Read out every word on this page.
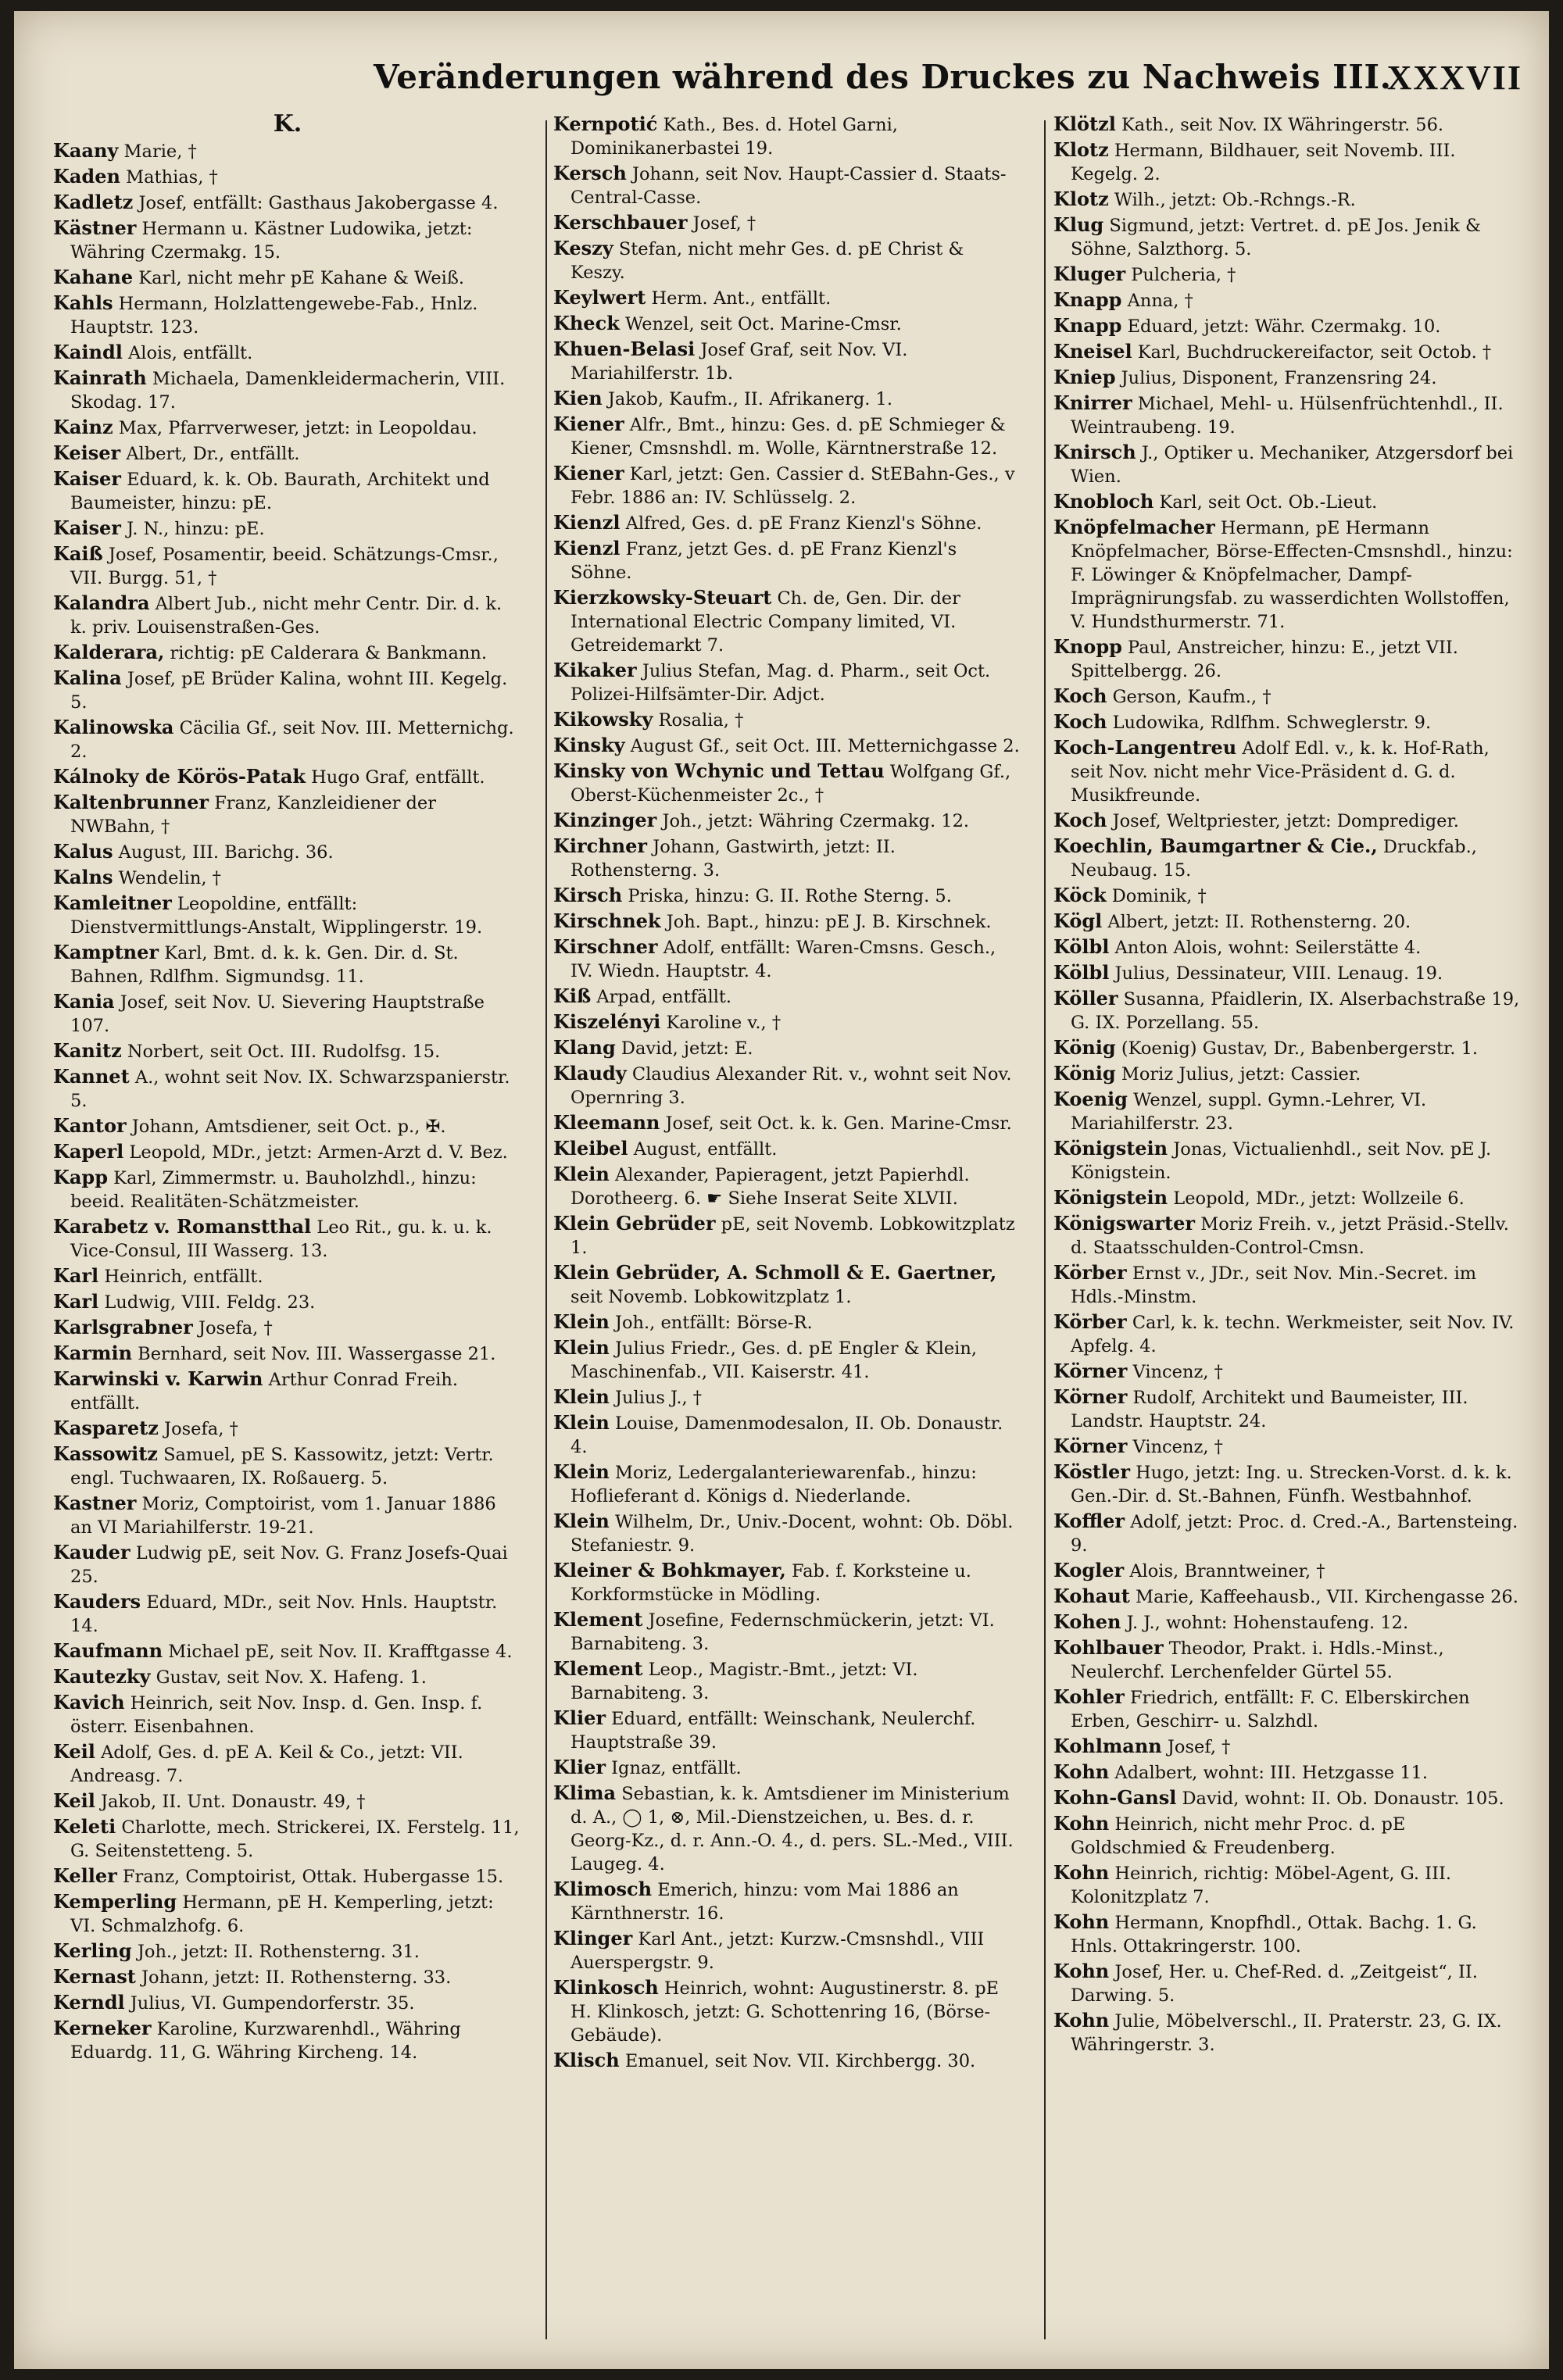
Veränderungen während des Druckes zu Nachweis III.
XXXVII
K.

Kaany Marie, †

Kaden Mathias, †

Kadletz Josef, entfällt: Gasthaus Jakobergasse 4.

Kästner Hermann u. Kästner Ludowika, jetzt: Währing Czermakg. 15.

Kahane Karl, nicht mehr pE Kahane & Weiß.

Kahls Hermann, Holzlattengewebe-Fab., Hnlz. Hauptstr. 123.

Kaindl Alois, entfällt.

Kainrath Michaela, Damenkleidermacherin, VIII. Skodag. 17.

Kainz Max, Pfarrverweser, jetzt: in Leopoldau.

Keiser Albert, Dr., entfällt.

Kaiser Eduard, k. k. Ob. Baurath, Architekt und Baumeister, hinzu: pE.

Kaiser J. N., hinzu: pE.

Kaiß Josef, Posamentir, beeid. Schätzungs-Cmsr., VII. Burgg. 51, †

Kalandra Albert Jub., nicht mehr Centr. Dir. d. k. k. priv. Louisenstraßen-Ges.

Kalderara, richtig: pE Calderara & Bankmann.

Kalina Josef, pE Brüder Kalina, wohnt III. Kegelg. 5.

Kalinowska Cäcilia Gf., seit Nov. III. Metternichg. 2.

Kálnoky de Körös-Patak Hugo Graf, entfällt.

Kaltenbrunner Franz, Kanzleidiener der NWBahn, †

Kalus August, III. Barichg. 36.

Kalns Wendelin, †

Kamleitner Leopoldine, entfällt: Dienstvermittlungs-Anstalt, Wipplingerstr. 19.

Kamptner Karl, Bmt. d. k. k. Gen. Dir. d. St. Bahnen, Rdlfhm. Sigmundsg. 11.

Kania Josef, seit Nov. U. Sievering Hauptstraße 107.

Kanitz Norbert, seit Oct. III. Rudolfsg. 15.

Kannet A., wohnt seit Nov. IX. Schwarzspanierstr. 5.

Kantor Johann, Amtsdiener, seit Oct. p., ✠.

Kaperl Leopold, MDr., jetzt: Armen-Arzt d. V. Bez.

Kapp Karl, Zimmermstr. u. Bauholzhdl., hinzu: beeid. Realitäten-Schätzmeister.

Karabetz v. Romanstthal Leo Rit., gu. k. u. k. Vice-Consul, III Wasserg. 13.

Karl Heinrich, entfällt.

Karl Ludwig, VIII. Feldg. 23.

Karlsgrabner Josefa, †

Karmin Bernhard, seit Nov. III. Wassergasse 21.

Karwinski v. Karwin Arthur Conrad Freih. entfällt.

Kasparetz Josefa, †

Kassowitz Samuel, pE S. Kassowitz, jetzt: Vertr. engl. Tuchwaaren, IX. Roßauerg. 5.

Kastner Moriz, Comptoirist, vom 1. Januar 1886 an VI Mariahilferstr. 19-21.

Kauder Ludwig pE, seit Nov. G. Franz Josefs-Quai 25.

Kauders Eduard, MDr., seit Nov. Hnls. Hauptstr. 14.

Kaufmann Michael pE, seit Nov. II. Krafftgasse 4.

Kautezky Gustav, seit Nov. X. Hafeng. 1.

Kavich Heinrich, seit Nov. Insp. d. Gen. Insp. f. österr. Eisenbahnen.

Keil Adolf, Ges. d. pE A. Keil & Co., jetzt: VII. Andreasg. 7.

Keil Jakob, II. Unt. Donaustr. 49, †

Keleti Charlotte, mech. Strickerei, IX. Ferstelg. 11, G. Seitenstetteng. 5.

Keller Franz, Comptoirist, Ottak. Hubergasse 15.

Kemperling Hermann, pE H. Kemperling, jetzt: VI. Schmalzhofg. 6.

Kerling Joh., jetzt: II. Rothensterng. 31.

Kernast Johann, jetzt: II. Rothensterng. 33.

Kerndl Julius, VI. Gumpendorferstr. 35.

Kerneker Karoline, Kurzwarenhdl., Währing Eduardg. 11, G. Währing Kircheng. 14.

Kernpotić Kath., Bes. d. Hotel Garni, Dominikanerbastei 19.

Kersch Johann, seit Nov. Haupt-Cassier d. Staats-Central-Casse.

Kerschbauer Josef, †

Keszy Stefan, nicht mehr Ges. d. pE Christ & Keszy.

Keylwert Herm. Ant., entfällt.

Kheck Wenzel, seit Oct. Marine-Cmsr.

Khuen-Belasi Josef Graf, seit Nov. VI. Mariahilferstr. 1b.

Kien Jakob, Kaufm., II. Afrikanerg. 1.

Kiener Alfr., Bmt., hinzu: Ges. d. pE Schmieger & Kiener, Cmsnshdl. m. Wolle, Kärntnerstraße 12.

Kiener Karl, jetzt: Gen. Cassier d. StEBahn-Ges., v Febr. 1886 an: IV. Schlüsselg. 2.

Kienzl Alfred, Ges. d. pE Franz Kienzl's Söhne.

Kienzl Franz, jetzt Ges. d. pE Franz Kienzl's Söhne.

Kierzkowsky-Steuart Ch. de, Gen. Dir. der International Electric Company limited, VI. Getreidemarkt 7.

Kikaker Julius Stefan, Mag. d. Pharm., seit Oct. Polizei-Hilfsämter-Dir. Adjct.

Kikowsky Rosalia, †

Kinsky August Gf., seit Oct. III. Metternichgasse 2.

Kinsky von Wchynic und Tettau Wolfgang Gf., Oberst-Küchenmeister 2c., †

Kinzinger Joh., jetzt: Währing Czermakg. 12.

Kirchner Johann, Gastwirth, jetzt: II. Rothensterng. 3.

Kirsch Priska, hinzu: G. II. Rothe Sterng. 5.

Kirschnek Joh. Bapt., hinzu: pE J. B. Kirschnek.

Kirschner Adolf, entfällt: Waren-Cmsns. Gesch., IV. Wiedn. Hauptstr. 4.

Kiß Arpad, entfällt.

Kiszelényi Karoline v., †

Klang David, jetzt: E.

Klaudy Claudius Alexander Rit. v., wohnt seit Nov. Opernring 3.

Kleemann Josef, seit Oct. k. k. Gen. Marine-Cmsr.

Kleibel August, entfällt.

Klein Alexander, Papieragent, jetzt Papierhdl. Dorotheerg. 6. ☛ Siehe Inserat Seite XLVII.

Klein Gebrüder pE, seit Novemb. Lobkowitzplatz 1.

Klein Gebrüder, A. Schmoll & E. Gaertner, seit Novemb. Lobkowitzplatz 1.

Klein Joh., entfällt: Börse-R.

Klein Julius Friedr., Ges. d. pE Engler & Klein, Maschinenfab., VII. Kaiserstr. 41.

Klein Julius J., †

Klein Louise, Damenmodesalon, II. Ob. Donaustr. 4.

Klein Moriz, Ledergalanteriewarenfab., hinzu: Hoflieferant d. Königs d. Niederlande.

Klein Wilhelm, Dr., Univ.-Docent, wohnt: Ob. Döbl. Stefaniestr. 9.

Kleiner & Bohkmayer, Fab. f. Korksteine u. Korkformstücke in Mödling.

Klement Josefine, Federnschmückerin, jetzt: VI. Barnabiteng. 3.

Klement Leop., Magistr.-Bmt., jetzt: VI. Barnabiteng. 3.

Klier Eduard, entfällt: Weinschank, Neulerchf. Hauptstraße 39.

Klier Ignaz, entfällt.

Klima Sebastian, k. k. Amtsdiener im Ministerium d. A., ◯ 1, ⊗, Mil.-Dienstzeichen, u. Bes. d. r. Georg-Kz., d. r. Ann.-O. 4., d. pers. SL.-Med., VIII. Laugeg. 4.

Klimosch Emerich, hinzu: vom Mai 1886 an Kärnthnerstr. 16.

Klinger Karl Ant., jetzt: Kurzw.-Cmsnshdl., VIII Auerspergstr. 9.

Klinkosch Heinrich, wohnt: Augustinerstr. 8. pE H. Klinkosch, jetzt: G. Schottenring 16, (Börse-Gebäude).

Klisch Emanuel, seit Nov. VII. Kirchbergg. 30.

Klötzl Kath., seit Nov. IX Währingerstr. 56.

Klotz Hermann, Bildhauer, seit Novemb. III. Kegelg. 2.

Klotz Wilh., jetzt: Ob.-Rchngs.-R.

Klug Sigmund, jetzt: Vertret. d. pE Jos. Jenik & Söhne, Salzthorg. 5.

Kluger Pulcheria, †

Knapp Anna, †

Knapp Eduard, jetzt: Währ. Czermakg. 10.

Kneisel Karl, Buchdruckereifactor, seit Octob. †

Kniep Julius, Disponent, Franzensring 24.

Knirrer Michael, Mehl- u. Hülsenfrüchtenhdl., II. Weintraubeng. 19.

Knirsch J., Optiker u. Mechaniker, Atzgersdorf bei Wien.

Knobloch Karl, seit Oct. Ob.-Lieut.

Knöpfelmacher Hermann, pE Hermann Knöpfelmacher, Börse-Effecten-Cmsnshdl., hinzu: F. Löwinger & Knöpfelmacher, Dampf-Imprägnirungsfab. zu wasserdichten Wollstoffen, V. Hundsthurmerstr. 71.

Knopp Paul, Anstreicher, hinzu: E., jetzt VII. Spittelbergg. 26.

Koch Gerson, Kaufm., †

Koch Ludowika, Rdlfhm. Schweglerstr. 9.

Koch-Langentreu Adolf Edl. v., k. k. Hof-Rath, seit Nov. nicht mehr Vice-Präsident d. G. d. Musikfreunde.

Koch Josef, Weltpriester, jetzt: Domprediger.

Koechlin, Baumgartner & Cie., Druckfab., Neubaug. 15.

Köck Dominik, †

Kögl Albert, jetzt: II. Rothensterng. 20.

Kölbl Anton Alois, wohnt: Seilerstätte 4.

Kölbl Julius, Dessinateur, VIII. Lenaug. 19.

Köller Susanna, Pfaidlerin, IX. Alserbachstraße 19, G. IX. Porzellang. 55.

König (Koenig) Gustav, Dr., Babenbergerstr. 1.

König Moriz Julius, jetzt: Cassier.

Koenig Wenzel, suppl. Gymn.-Lehrer, VI. Mariahilferstr. 23.

Königstein Jonas, Victualienhdl., seit Nov. pE J. Königstein.

Königstein Leopold, MDr., jetzt: Wollzeile 6.

Königswarter Moriz Freih. v., jetzt Präsid.-Stellv. d. Staatsschulden-Control-Cmsn.

Körber Ernst v., JDr., seit Nov. Min.-Secret. im Hdls.-Minstm.

Körber Carl, k. k. techn. Werkmeister, seit Nov. IV. Apfelg. 4.

Körner Vincenz, †

Körner Rudolf, Architekt und Baumeister, III. Landstr. Hauptstr. 24.

Körner Vincenz, †

Köstler Hugo, jetzt: Ing. u. Strecken-Vorst. d. k. k. Gen.-Dir. d. St.-Bahnen, Fünfh. Westbahnhof.

Koffler Adolf, jetzt: Proc. d. Cred.-A., Bartensteing. 9.

Kogler Alois, Branntweiner, †

Kohaut Marie, Kaffeehausb., VII. Kirchengasse 26.

Kohen J. J., wohnt: Hohenstaufeng. 12.

Kohlbauer Theodor, Prakt. i. Hdls.-Minst., Neulerchf. Lerchenfelder Gürtel 55.

Kohler Friedrich, entfällt: F. C. Elberskirchen Erben, Geschirr- u. Salzhdl.

Kohlmann Josef, †

Kohn Adalbert, wohnt: III. Hetzgasse 11.

Kohn-Gansl David, wohnt: II. Ob. Donaustr. 105.

Kohn Heinrich, nicht mehr Proc. d. pE Goldschmied & Freudenberg.

Kohn Heinrich, richtig: Möbel-Agent, G. III. Kolonitzplatz 7.

Kohn Hermann, Knopfhdl., Ottak. Bachg. 1. G. Hnls. Ottakringerstr. 100.

Kohn Josef, Her. u. Chef-Red. d. „Zeitgeist“, II. Darwing. 5.

Kohn Julie, Möbelverschl., II. Praterstr. 23, G. IX. Währingerstr. 3.
